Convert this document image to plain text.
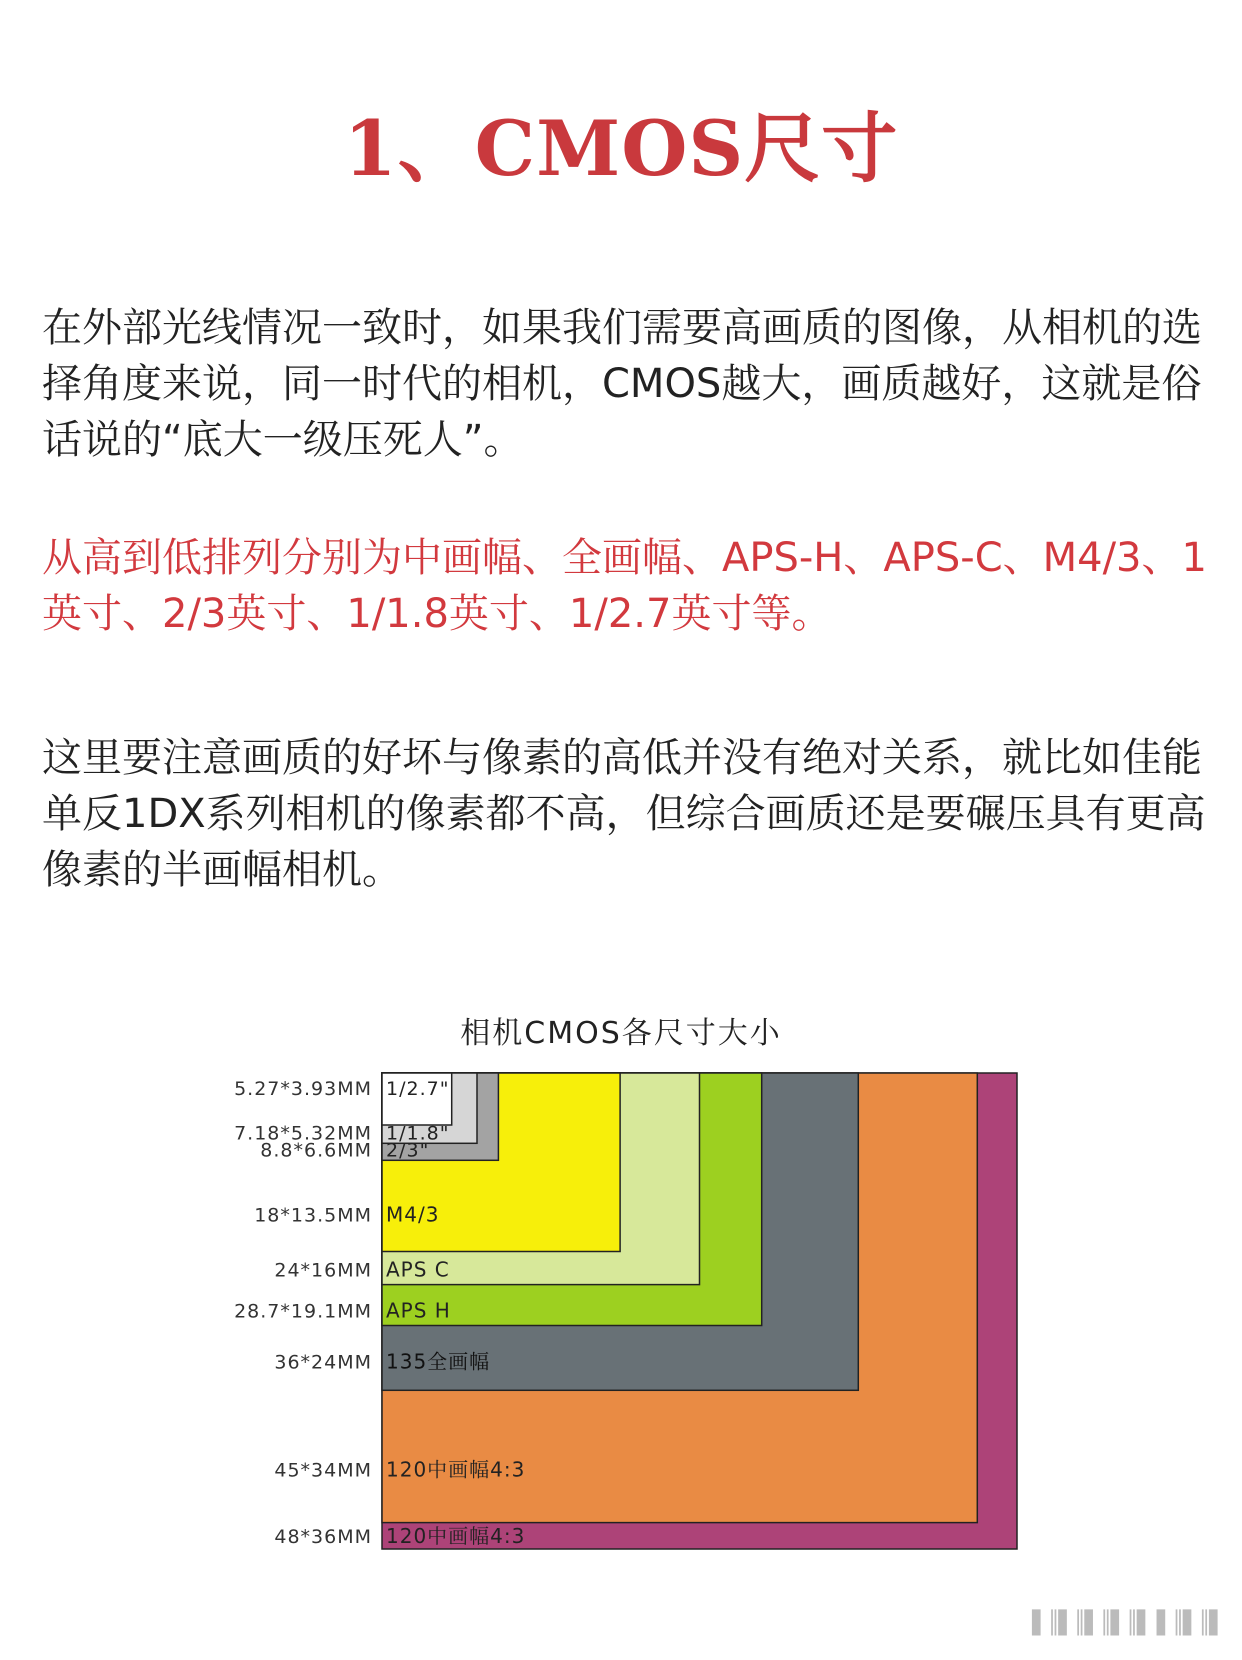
1、CMOS尺寸

在外部光线情况一致时，如果我们需要高画质的图像，从相机的选择角度来说，同一时代的相机，CMOS越大，画质越好，这就是俗话说的“底大一级压死人”。

从高到低排列分别为中画幅、全画幅、APS-H、APS-C、M4/3、1英寸、2/3英寸、1/1.8英寸、1/2.7英寸等。

这里要注意画质的好坏与像素的高低并没有绝对关系，就比如佳能单反1DX系列相机的像素都不高，但综合画质还是要碾压具有更高像素的半画幅相机。

相机CMOS各尺寸大小
120中画幅4:3
120中画幅4:3
135全画幅
APS H
APS C
M4/3
2/3"
1/1.8"
1/2.7"
48*36MM
45*34MM
36*24MM
28.7*19.1MM
24*16MM
18*13.5MM
8.8*6.6MM
7.18*5.32MM
5.27*3.93MM
▌║▌║▌║▌║▌ ▌║▌║▌
